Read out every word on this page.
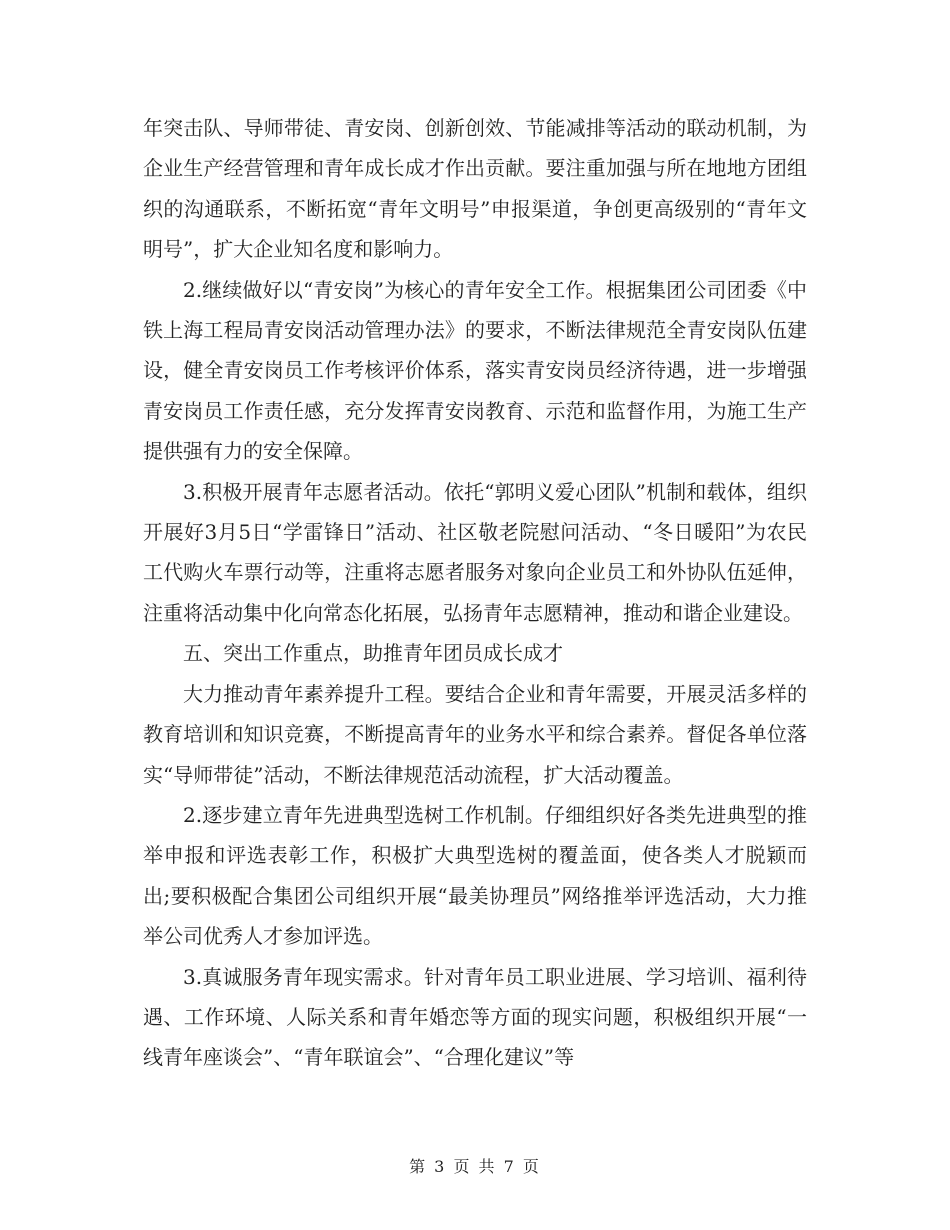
年突击队、导师带徒、青安岗、创新创效、节能减排等活动的联动机制，为企业生产经营管理和青年成长成才作出贡献。要注重加强与所在地地方团组织的沟通联系，不断拓宽“青年文明号”申报渠道，争创更高级别的“青年文明号”，扩大企业知名度和影响力。

2.继续做好以“青安岗”为核心的青年安全工作。根据集团公司团委《中铁上海工程局青安岗活动管理办法》的要求，不断法律规范全青安岗队伍建设，健全青安岗员工作考核评价体系，落实青安岗员经济待遇，进一步增强青安岗员工作责任感，充分发挥青安岗教育、示范和监督作用，为施工生产提供强有力的安全保障。

3.积极开展青年志愿者活动。依托“郭明义爱心团队”机制和载体，组织开展好3月5日“学雷锋日”活动、社区敬老院慰问活动、“冬日暖阳”为农民工代购火车票行动等，注重将志愿者服务对象向企业员工和外协队伍延伸，注重将活动集中化向常态化拓展，弘扬青年志愿精神，推动和谐企业建设。

五、突出工作重点，助推青年团员成长成才

大力推动青年素养提升工程。要结合企业和青年需要，开展灵活多样的教育培训和知识竞赛，不断提高青年的业务水平和综合素养。督促各单位落实“导师带徒”活动，不断法律规范活动流程，扩大活动覆盖。

2.逐步建立青年先进典型选树工作机制。仔细组织好各类先进典型的推举申报和评选表彰工作，积极扩大典型选树的覆盖面，使各类人才脱颖而出;要积极配合集团公司组织开展“最美协理员”网络推举评选活动，大力推举公司优秀人才参加评选。

3.真诚服务青年现实需求。针对青年员工职业进展、学习培训、福利待遇、工作环境、人际关系和青年婚恋等方面的现实问题，积极组织开展“一线青年座谈会”、“青年联谊会”、“合理化建议”等

第 3 页 共 7 页
